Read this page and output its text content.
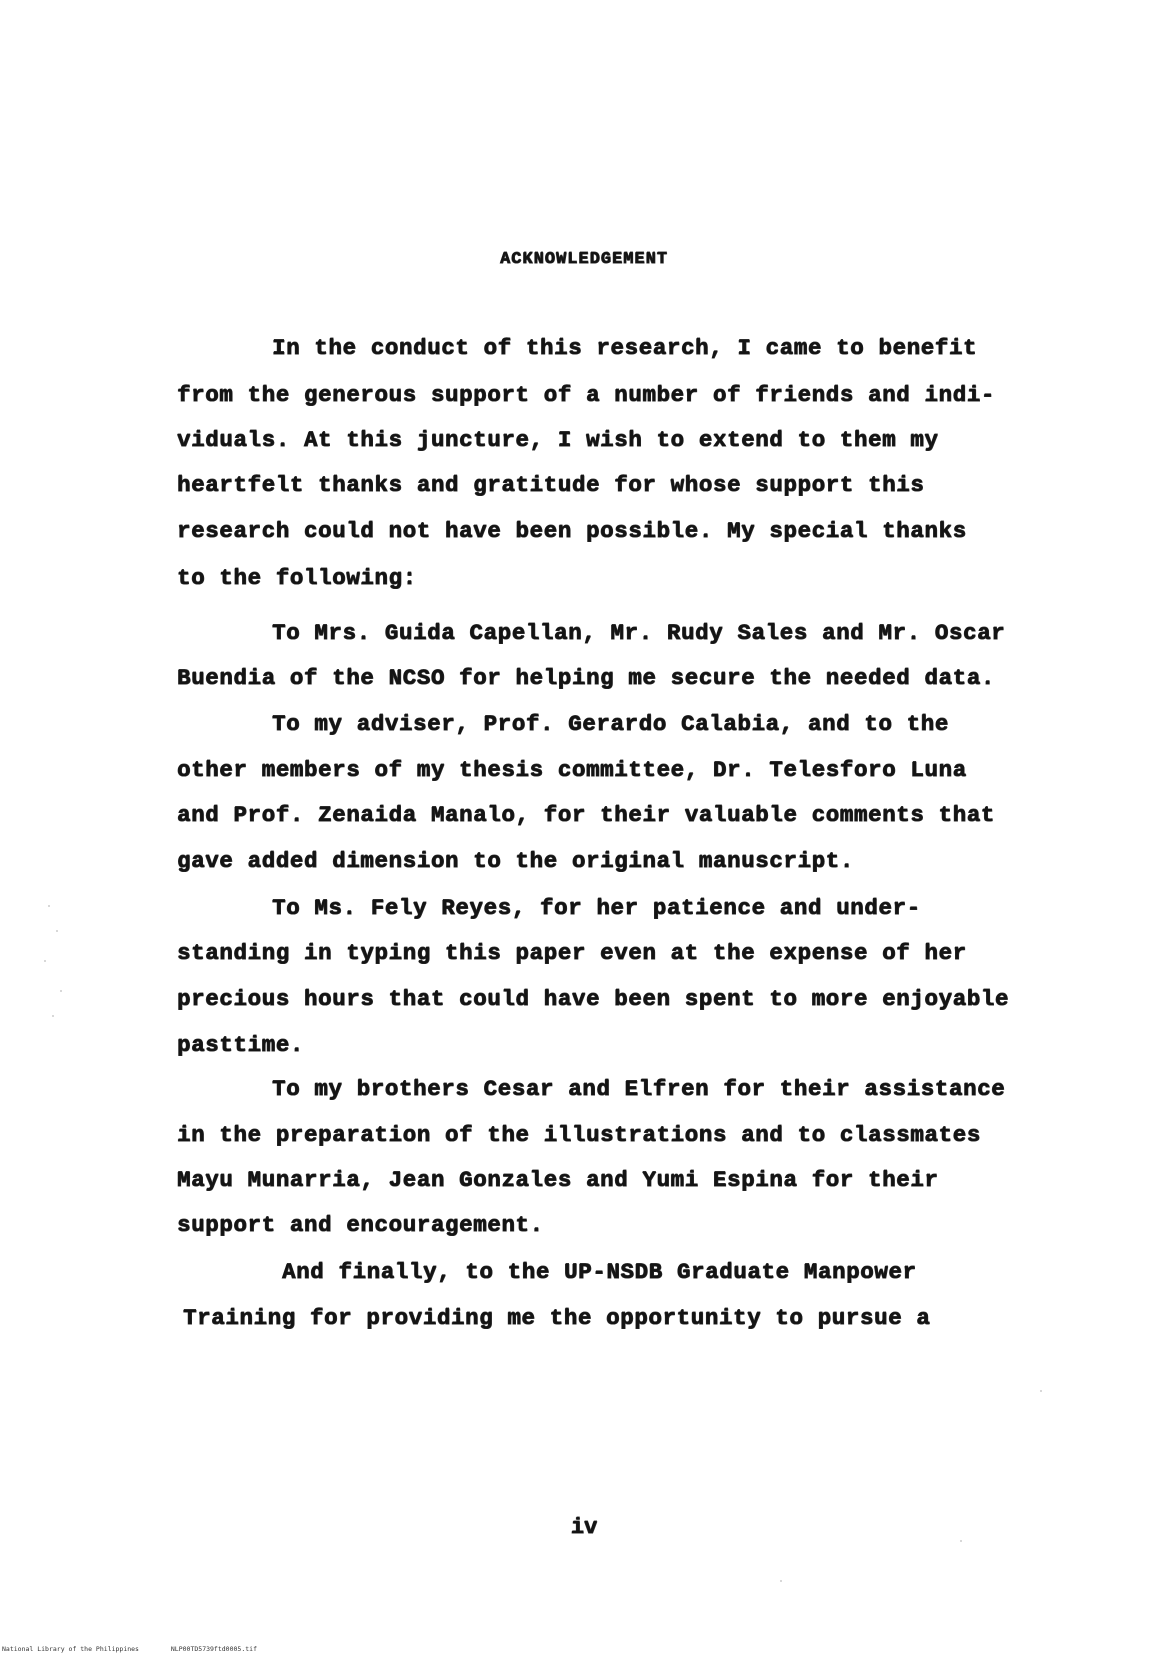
ACKNOWLEDGEMENT
In the conduct of this research, I came to benefit
from the generous support of a number of friends and indi-
viduals. At this juncture, I wish to extend to them my
heartfelt thanks and gratitude for whose support this
research could not have been possible. My special thanks
to the following:
To Mrs. Guida Capellan, Mr. Rudy Sales and Mr. Oscar
Buendia of the NCSO for helping me secure the needed data.
To my adviser, Prof. Gerardo Calabia, and to the
other members of my thesis committee, Dr. Telesforo Luna
and Prof. Zenaida Manalo, for their valuable comments that
gave added dimension to the original manuscript.
To Ms. Fely Reyes, for her patience and under-
standing in typing this paper even at the expense of her
precious hours that could have been spent to more enjoyable
pasttime.
To my brothers Cesar and Elfren for their assistance
in the preparation of the illustrations and to classmates
Mayu Munarria, Jean Gonzales and Yumi Espina for their
support and encouragement.
And finally, to the UP-NSDB Graduate Manpower
Training for providing me the opportunity to pursue a
iv
National Library of the Philippines	NLP00TD5739ftd0005.tif
